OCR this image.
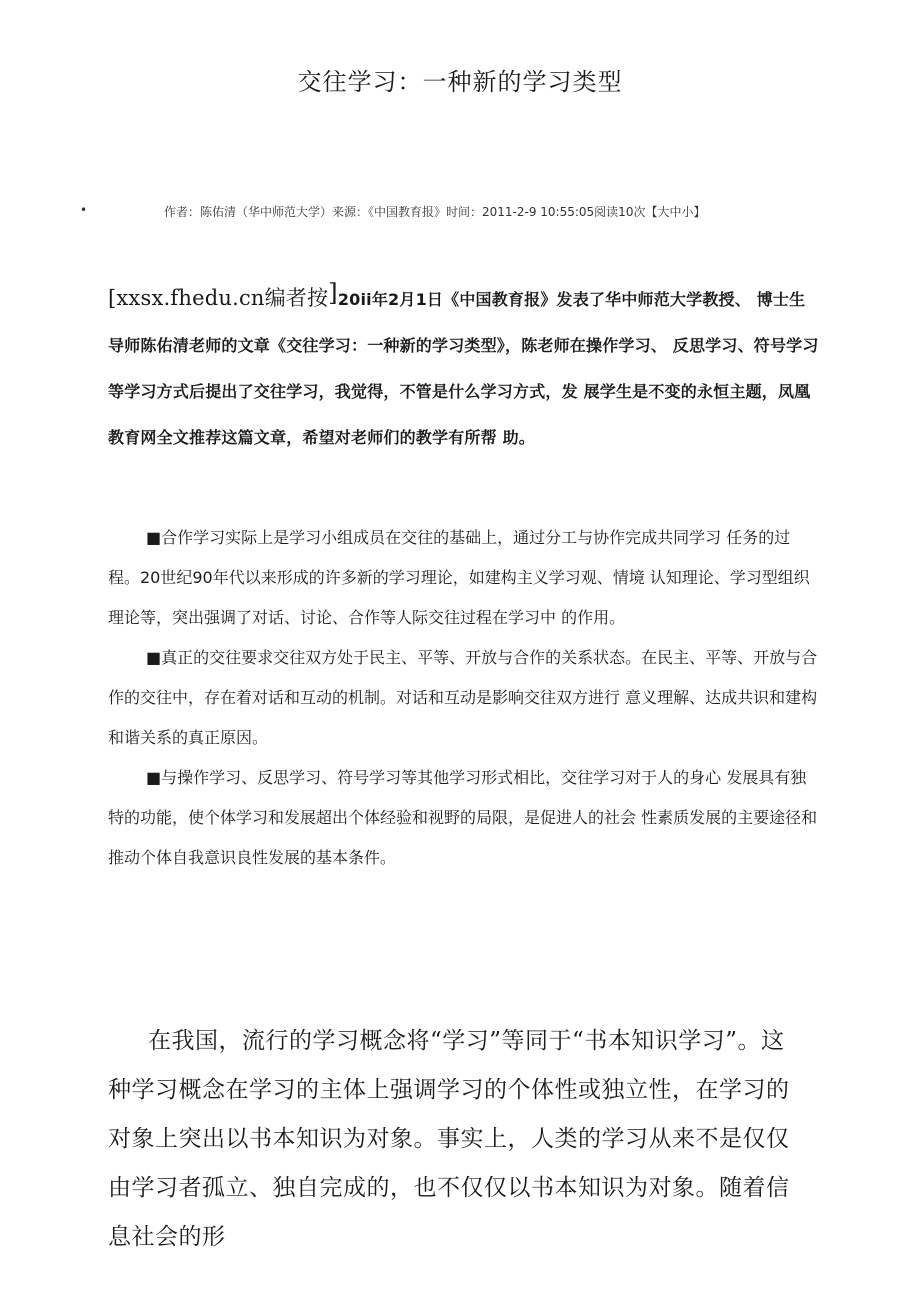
交往学习：一种新的学习类型
•	作者：陈佑清（华中师范大学）来源：《中国教育报》时间：2011-2-9 10:55:05阅读10次【大中小】
[xxsx.fhedu.cn编者按]20ii年2月1日《中国教育报》发表了华中师范大学教授、 博士生导师陈佑清老师的文章《交往学习：一种新的学习类型》，陈老师在操作学习、 反思学习、符号学习等学习方式后提出了交往学习，我觉得，不管是什么学习方式，发 展学生是不变的永恒主题，凤凰教育网全文推荐这篇文章，希望对老师们的教学有所帮 助。

■合作学习实际上是学习小组成员在交往的基础上，通过分工与协作完成共同学习 任务的过程。20世纪90年代以来形成的许多新的学习理论，如建构主义学习观、情境 认知理论、学习型组织理论等，突出强调了对话、讨论、合作等人际交往过程在学习中 的作用。

■真正的交往要求交往双方处于民主、平等、开放与合作的关系状态。在民主、平等、开放与合作的交往中，存在着对话和互动的机制。对话和互动是影响交往双方进行 意义理解、达成共识和建构和谐关系的真正原因。

■与操作学习、反思学习、符号学习等其他学习形式相比，交往学习对于人的身心 发展具有独特的功能，使个体学习和发展超出个体经验和视野的局限，是促进人的社会 性素质发展的主要途径和推动个体自我意识良性发展的基本条件。

在我国，流行的学习概念将“学习”等同于“书本知识学习”。这种学习概念在学习的主体上强调学习的个体性或独立性，在学习的对象上突出以书本知识为对象。事实上，人类的学习从来不是仅仅由学习者孤立、独自完成的，也不仅仅以书本知识为对象。随着信息社会的形
